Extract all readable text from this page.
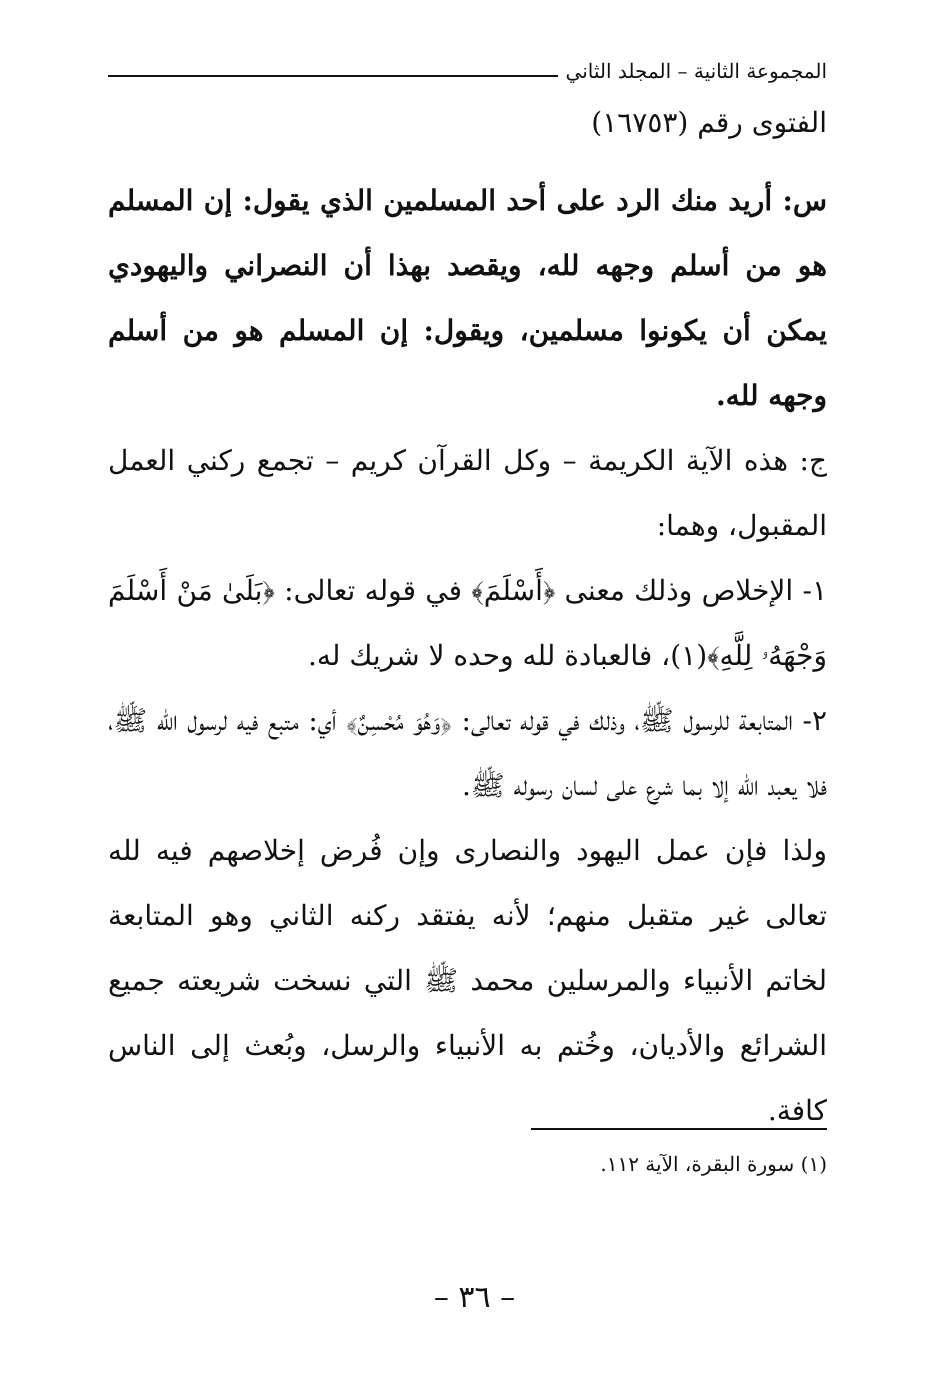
المجموعة الثانية – المجلد الثاني
الفتوى رقم (١٦٧٥٣)

س: أريد منك الرد على أحد المسلمين الذي يقول: إن المسلم هو من أسلم وجهه لله، ويقصد بهذا أن النصراني واليهودي يمكن أن يكونوا مسلمين، ويقول: إن المسلم هو من أسلم وجهه لله.

ج: هذه الآية الكريمة – وكل القرآن كريم – تجمع ركني العمل المقبول، وهما:

١- الإخلاص وذلك معنى ﴿أَسْلَمَ﴾ في قوله تعالى: ﴿بَلَىٰ مَنْ أَسْلَمَ وَجْهَهُۥ لِلَّهِ﴾(١)، فالعبادة لله وحده لا شريك له.

٢- المتابعة للرسول ﷺ، وذلك في قوله تعالى: ﴿وَهُوَ مُحْسِنٌ﴾ أي: متبع فيه لرسول الله ﷺ، فلا يعبد الله إلا بما شرع على لسان رسوله ﷺ.

ولذا فإن عمل اليهود والنصارى وإن فُرض إخلاصهم فيه لله تعالى غير متقبل منهم؛ لأنه يفتقد ركنه الثاني وهو المتابعة لخاتم الأنبياء والمرسلين محمد ﷺ التي نسخت شريعته جميع الشرائع والأديان، وخُتم به الأنبياء والرسل، وبُعث إلى الناس كافة.

(١) سورة البقرة، الآية ١١٢.
– ٣٦ –
